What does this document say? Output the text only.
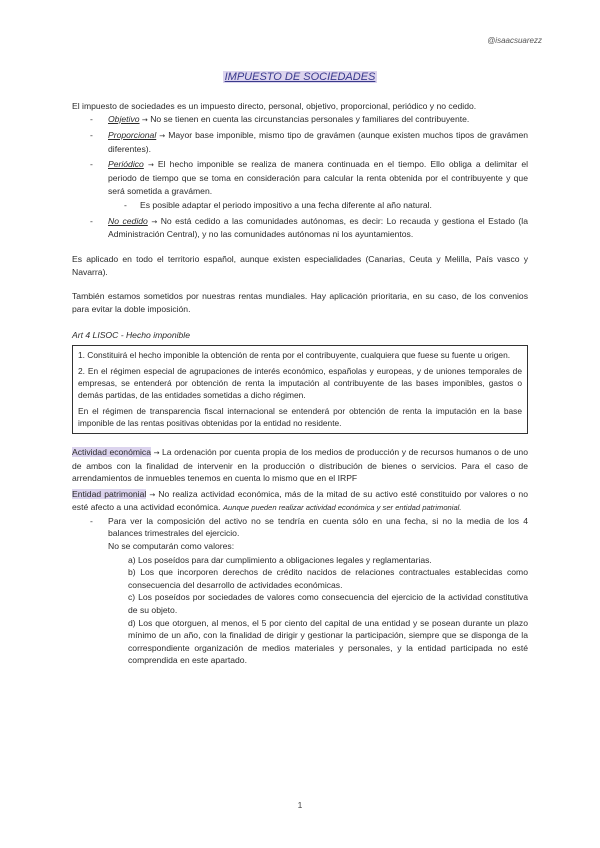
@isaacsuarezz
IMPUESTO DE SOCIEDADES

El impuesto de sociedades es un impuesto directo, personal, objetivo, proporcional, periódico y no cedido.

- Objetivo → No se tienen en cuenta las circunstancias personales y familiares del contribuyente.
- Proporcional → Mayor base imponible, mismo tipo de gravámen (aunque existen muchos tipos de gravámen diferentes).
- Periódico → El hecho imponible se realiza de manera continuada en el tiempo. Ello obliga a delimitar el periodo de tiempo que se toma en consideración para calcular la renta obtenida por el contribuyente y que será sometida a gravámen.
- Es posible adaptar el periodo impositivo a una fecha diferente al año natural.
- No cedido → No está cedido a las comunidades autónomas, es decir: Lo recauda y gestiona el Estado (la Administración Central), y no las comunidades autónomas ni los ayuntamientos.

Es aplicado en todo el territorio español, aunque existen especialidades (Canarias, Ceuta y Melilla, País vasco y Navarra).

También estamos sometidos por nuestras rentas mundiales. Hay aplicación prioritaria, en su caso, de los convenios para evitar la doble imposición.

Art 4 LISOC - Hecho imponible

1. Constituirá el hecho imponible la obtención de renta por el contribuyente, cualquiera que fuese su fuente u origen.

2. En el régimen especial de agrupaciones de interés económico, españolas y europeas, y de uniones temporales de empresas, se entenderá por obtención de renta la imputación al contribuyente de las bases imponibles, gastos o demás partidas, de las entidades sometidas a dicho régimen.

En el régimen de transparencia fiscal internacional se entenderá por obtención de renta la imputación en la base imponible de las rentas positivas obtenidas por la entidad no residente.

Actividad económica → La ordenación por cuenta propia de los medios de producción y de recursos humanos o de uno de ambos con la finalidad de intervenir en la producción o distribución de bienes o servicios. Para el caso de arrendamientos de inmuebles tenemos en cuenta lo mismo que en el IRPF

Entidad patrimonial → No realiza actividad económica, más de la mitad de su activo esté constituido por valores o no esté afecto a una actividad económica. Aunque pueden realizar actividad económica y ser entidad patrimonial.

- Para ver la composición del activo no se tendría en cuenta sólo en una fecha, si no la media de los 4 balances trimestrales del ejercicio.

No se computarán como valores:

a) Los poseídos para dar cumplimiento a obligaciones legales y reglamentarias.

b) Los que incorporen derechos de crédito nacidos de relaciones contractuales establecidas como consecuencia del desarrollo de actividades económicas.

c) Los poseídos por sociedades de valores como consecuencia del ejercicio de la actividad constitutiva de su objeto.

d) Los que otorguen, al menos, el 5 por ciento del capital de una entidad y se posean durante un plazo mínimo de un año, con la finalidad de dirigir y gestionar la participación, siempre que se disponga de la correspondiente organización de medios materiales y personales, y la entidad participada no esté comprendida en este apartado.

1
